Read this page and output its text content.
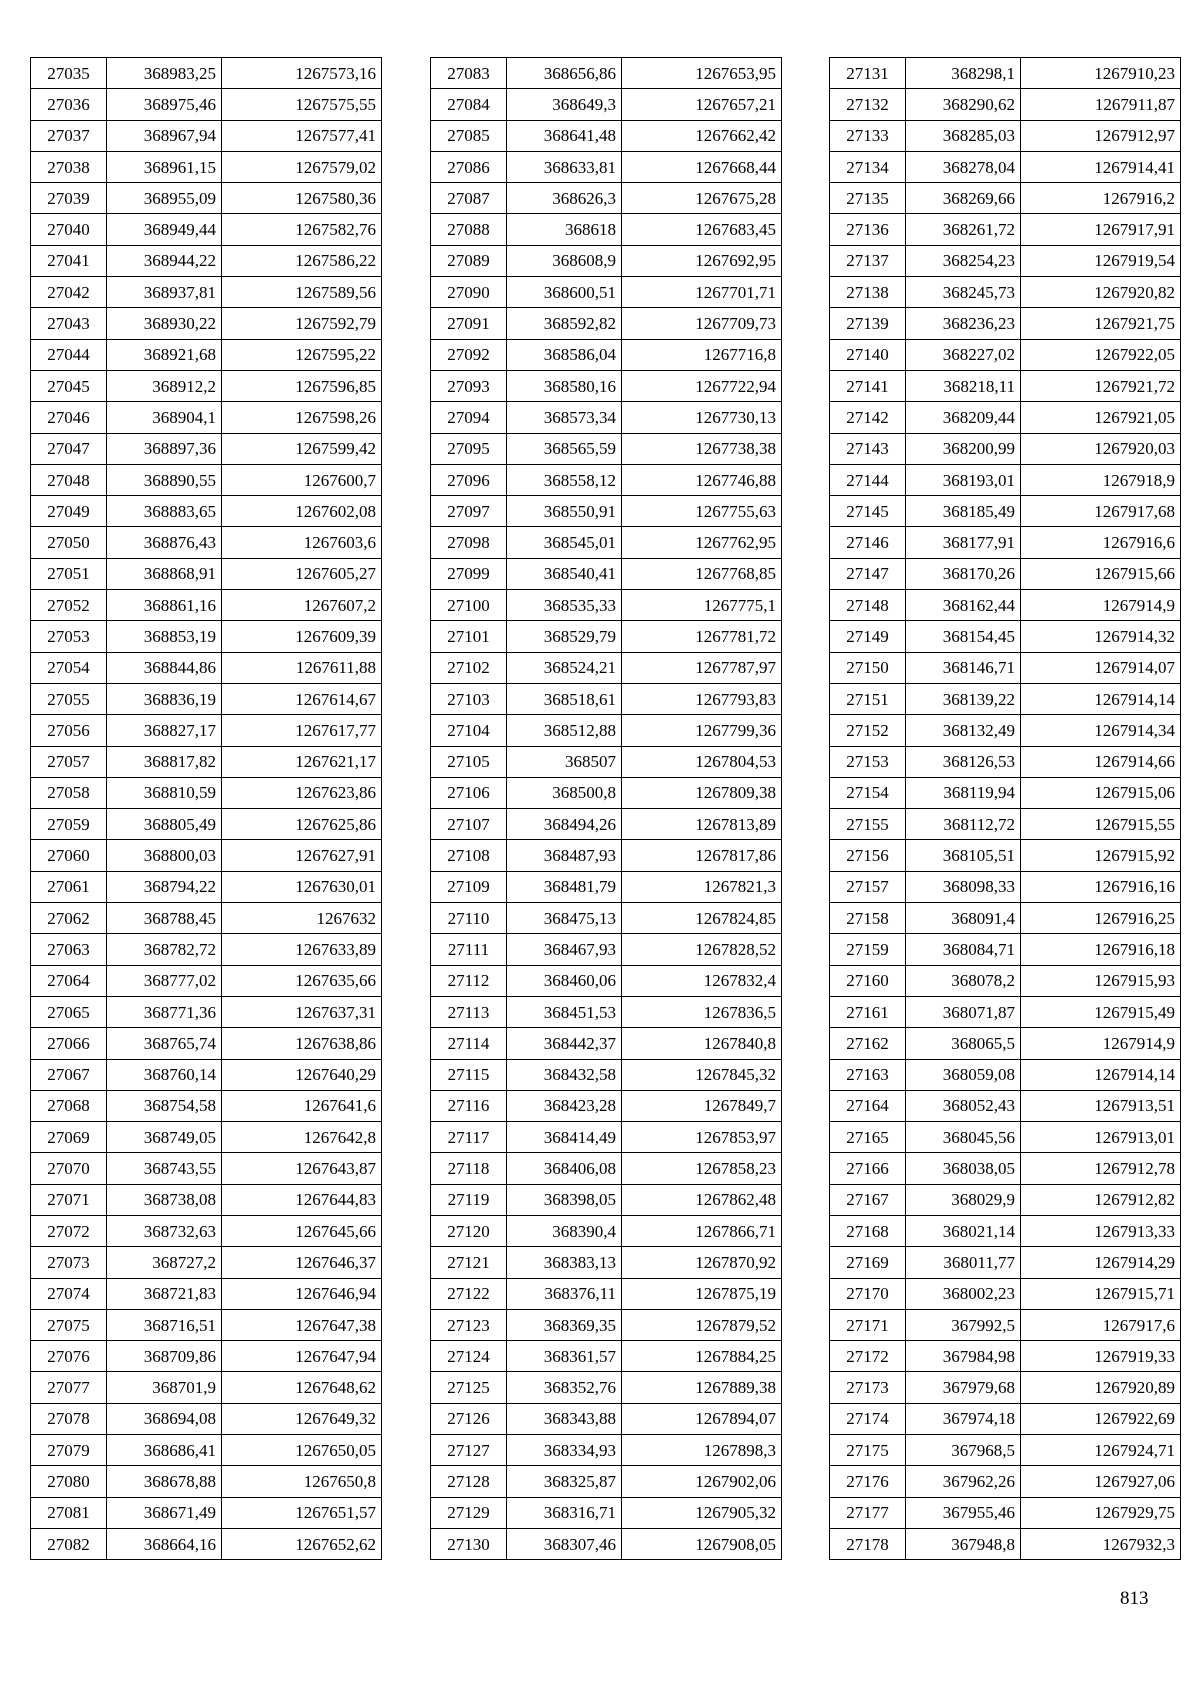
27035	368983,25	1267573,16
27036	368975,46	1267575,55
27037	368967,94	1267577,41
27038	368961,15	1267579,02
27039	368955,09	1267580,36
27040	368949,44	1267582,76
27041	368944,22	1267586,22
27042	368937,81	1267589,56
27043	368930,22	1267592,79
27044	368921,68	1267595,22
27045	368912,2	1267596,85
27046	368904,1	1267598,26
27047	368897,36	1267599,42
27048	368890,55	1267600,7
27049	368883,65	1267602,08
27050	368876,43	1267603,6
27051	368868,91	1267605,27
27052	368861,16	1267607,2
27053	368853,19	1267609,39
27054	368844,86	1267611,88
27055	368836,19	1267614,67
27056	368827,17	1267617,77
27057	368817,82	1267621,17
27058	368810,59	1267623,86
27059	368805,49	1267625,86
27060	368800,03	1267627,91
27061	368794,22	1267630,01
27062	368788,45	1267632
27063	368782,72	1267633,89
27064	368777,02	1267635,66
27065	368771,36	1267637,31
27066	368765,74	1267638,86
27067	368760,14	1267640,29
27068	368754,58	1267641,6
27069	368749,05	1267642,8
27070	368743,55	1267643,87
27071	368738,08	1267644,83
27072	368732,63	1267645,66
27073	368727,2	1267646,37
27074	368721,83	1267646,94
27075	368716,51	1267647,38
27076	368709,86	1267647,94
27077	368701,9	1267648,62
27078	368694,08	1267649,32
27079	368686,41	1267650,05
27080	368678,88	1267650,8
27081	368671,49	1267651,57
27082	368664,16	1267652,62
27083	368656,86	1267653,95
27084	368649,3	1267657,21
27085	368641,48	1267662,42
27086	368633,81	1267668,44
27087	368626,3	1267675,28
27088	368618	1267683,45
27089	368608,9	1267692,95
27090	368600,51	1267701,71
27091	368592,82	1267709,73
27092	368586,04	1267716,8
27093	368580,16	1267722,94
27094	368573,34	1267730,13
27095	368565,59	1267738,38
27096	368558,12	1267746,88
27097	368550,91	1267755,63
27098	368545,01	1267762,95
27099	368540,41	1267768,85
27100	368535,33	1267775,1
27101	368529,79	1267781,72
27102	368524,21	1267787,97
27103	368518,61	1267793,83
27104	368512,88	1267799,36
27105	368507	1267804,53
27106	368500,8	1267809,38
27107	368494,26	1267813,89
27108	368487,93	1267817,86
27109	368481,79	1267821,3
27110	368475,13	1267824,85
27111	368467,93	1267828,52
27112	368460,06	1267832,4
27113	368451,53	1267836,5
27114	368442,37	1267840,8
27115	368432,58	1267845,32
27116	368423,28	1267849,7
27117	368414,49	1267853,97
27118	368406,08	1267858,23
27119	368398,05	1267862,48
27120	368390,4	1267866,71
27121	368383,13	1267870,92
27122	368376,11	1267875,19
27123	368369,35	1267879,52
27124	368361,57	1267884,25
27125	368352,76	1267889,38
27126	368343,88	1267894,07
27127	368334,93	1267898,3
27128	368325,87	1267902,06
27129	368316,71	1267905,32
27130	368307,46	1267908,05
27131	368298,1	1267910,23
27132	368290,62	1267911,87
27133	368285,03	1267912,97
27134	368278,04	1267914,41
27135	368269,66	1267916,2
27136	368261,72	1267917,91
27137	368254,23	1267919,54
27138	368245,73	1267920,82
27139	368236,23	1267921,75
27140	368227,02	1267922,05
27141	368218,11	1267921,72
27142	368209,44	1267921,05
27143	368200,99	1267920,03
27144	368193,01	1267918,9
27145	368185,49	1267917,68
27146	368177,91	1267916,6
27147	368170,26	1267915,66
27148	368162,44	1267914,9
27149	368154,45	1267914,32
27150	368146,71	1267914,07
27151	368139,22	1267914,14
27152	368132,49	1267914,34
27153	368126,53	1267914,66
27154	368119,94	1267915,06
27155	368112,72	1267915,55
27156	368105,51	1267915,92
27157	368098,33	1267916,16
27158	368091,4	1267916,25
27159	368084,71	1267916,18
27160	368078,2	1267915,93
27161	368071,87	1267915,49
27162	368065,5	1267914,9
27163	368059,08	1267914,14
27164	368052,43	1267913,51
27165	368045,56	1267913,01
27166	368038,05	1267912,78
27167	368029,9	1267912,82
27168	368021,14	1267913,33
27169	368011,77	1267914,29
27170	368002,23	1267915,71
27171	367992,5	1267917,6
27172	367984,98	1267919,33
27173	367979,68	1267920,89
27174	367974,18	1267922,69
27175	367968,5	1267924,71
27176	367962,26	1267927,06
27177	367955,46	1267929,75
27178	367948,8	1267932,3
813
